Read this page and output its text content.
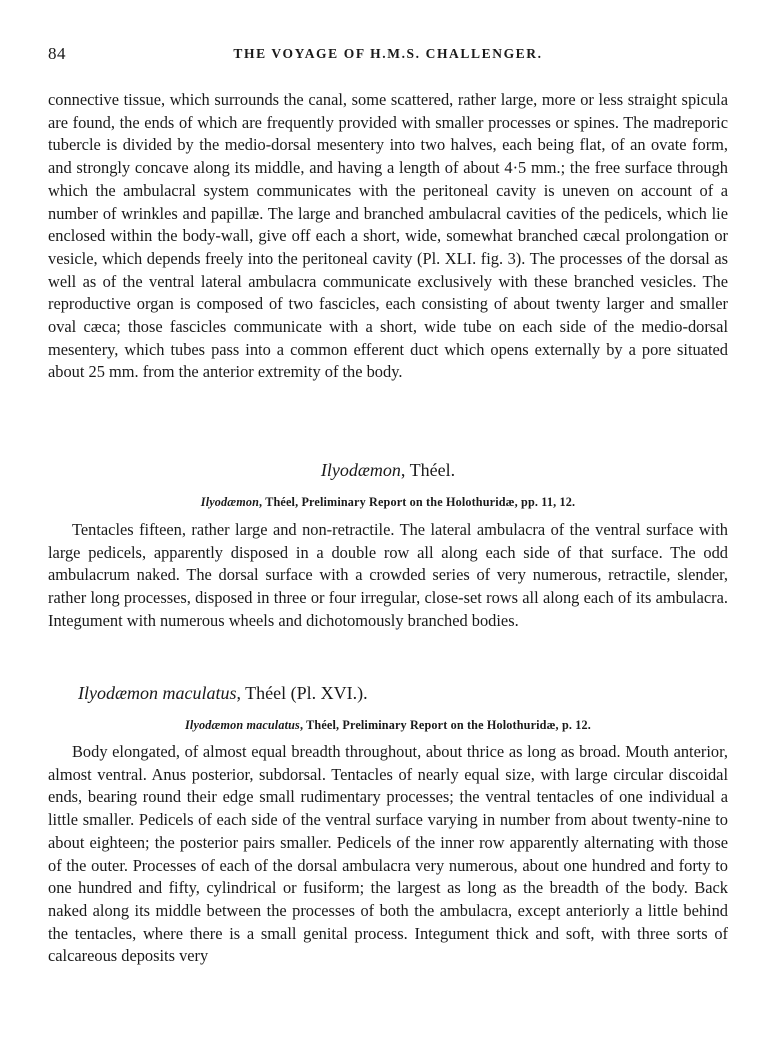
84	THE VOYAGE OF H.M.S. CHALLENGER.

connective tissue, which surrounds the canal, some scattered, rather large, more or less straight spicula are found, the ends of which are frequently provided with smaller processes or spines. The madreporic tubercle is divided by the medio-dorsal mesentery into two halves, each being flat, of an ovate form, and strongly concave along its middle, and having a length of about 4·5 mm.; the free surface through which the ambulacral system communicates with the peritoneal cavity is uneven on account of a number of wrinkles and papillæ. The large and branched ambulacral cavities of the pedicels, which lie enclosed within the body-wall, give off each a short, wide, somewhat branched cæcal prolongation or vesicle, which depends freely into the peritoneal cavity (Pl. XLI. fig. 3). The processes of the dorsal as well as of the ventral lateral ambulacra communicate exclusively with these branched vesicles. The reproductive organ is composed of two fascicles, each consisting of about twenty larger and smaller oval cæca; those fascicles communicate with a short, wide tube on each side of the medio-dorsal mesentery, which tubes pass into a common efferent duct which opens externally by a pore situated about 25 mm. from the anterior extremity of the body.

Ilyodæmon, Théel.
Ilyodæmon, Théel, Preliminary Report on the Holothuridæ, pp. 11, 12.

Tentacles fifteen, rather large and non-retractile. The lateral ambulacra of the ventral surface with large pedicels, apparently disposed in a double row all along each side of that surface. The odd ambulacrum naked. The dorsal surface with a crowded series of very numerous, retractile, slender, rather long processes, disposed in three or four irregular, close-set rows all along each of its ambulacra. Integument with numerous wheels and dichotomously branched bodies.

Ilyodæmon maculatus, Théel (Pl. XVI.).
Ilyodæmon maculatus, Théel, Preliminary Report on the Holothuridæ, p. 12.

Body elongated, of almost equal breadth throughout, about thrice as long as broad. Mouth anterior, almost ventral. Anus posterior, subdorsal. Tentacles of nearly equal size, with large circular discoidal ends, bearing round their edge small rudimentary processes; the ventral tentacles of one individual a little smaller. Pedicels of each side of the ventral surface varying in number from about twenty-nine to about eighteen; the posterior pairs smaller. Pedicels of the inner row apparently alternating with those of the outer. Processes of each of the dorsal ambulacra very numerous, about one hundred and forty to one hundred and fifty, cylindrical or fusiform; the largest as long as the breadth of the body. Back naked along its middle between the processes of both the ambulacra, except anteriorly a little behind the tentacles, where there is a small genital process. Integument thick and soft, with three sorts of calcareous deposits very
